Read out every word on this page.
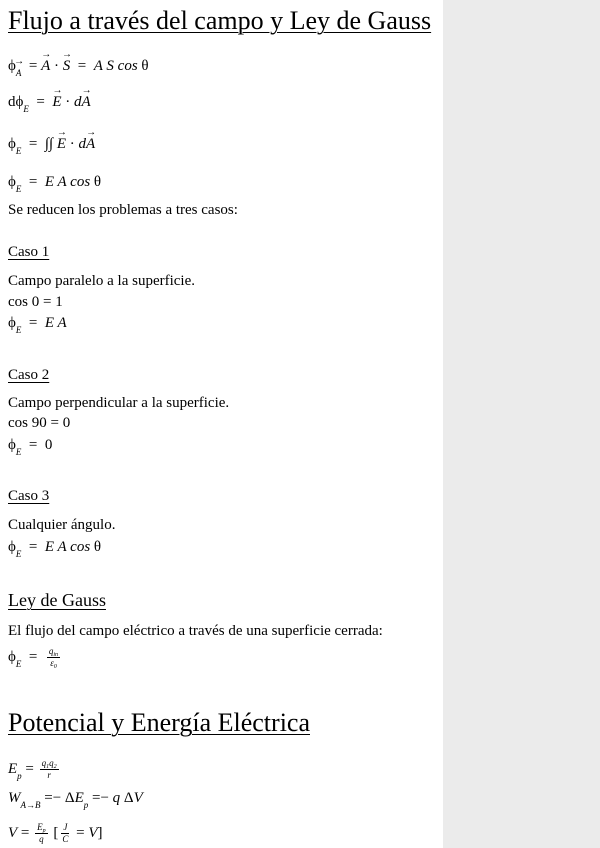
Flujo a través del campo y Ley de Gauss
$\phi_A$  = → A · → S  =  A S cos θ
$d\phi_E$  =  → E · d→ A
$\phi_E$  =  ∫∫ → E · d→ A
$\phi_E = E$ A cos θ
Se reducen los problemas a tres casos:
Caso 1
Campo paralelo a la superficie.
cos 0 = 1
$\phi_E = E$ A
Caso 2
Campo perpendicular a la superficie.
cos 90 = 0
$\phi_E = 0$
Caso 3
Cualquier ángulo.
$\phi_E = E$ A cos θ
Ley de Gauss
El flujo del campo eléctrico a través de una superficie cerrada:
$\phi_E = \frac{q_{in}}{\varepsilon_0}$
Potencial y Energía Eléctrica
$E_p = \frac{q_1q_2}{r}$
$W_{A\to B} =- \Delta E_p =- q$ ΔV
$V = \frac{E_p}{q}$ [ $\frac{J}{C} = V$]
